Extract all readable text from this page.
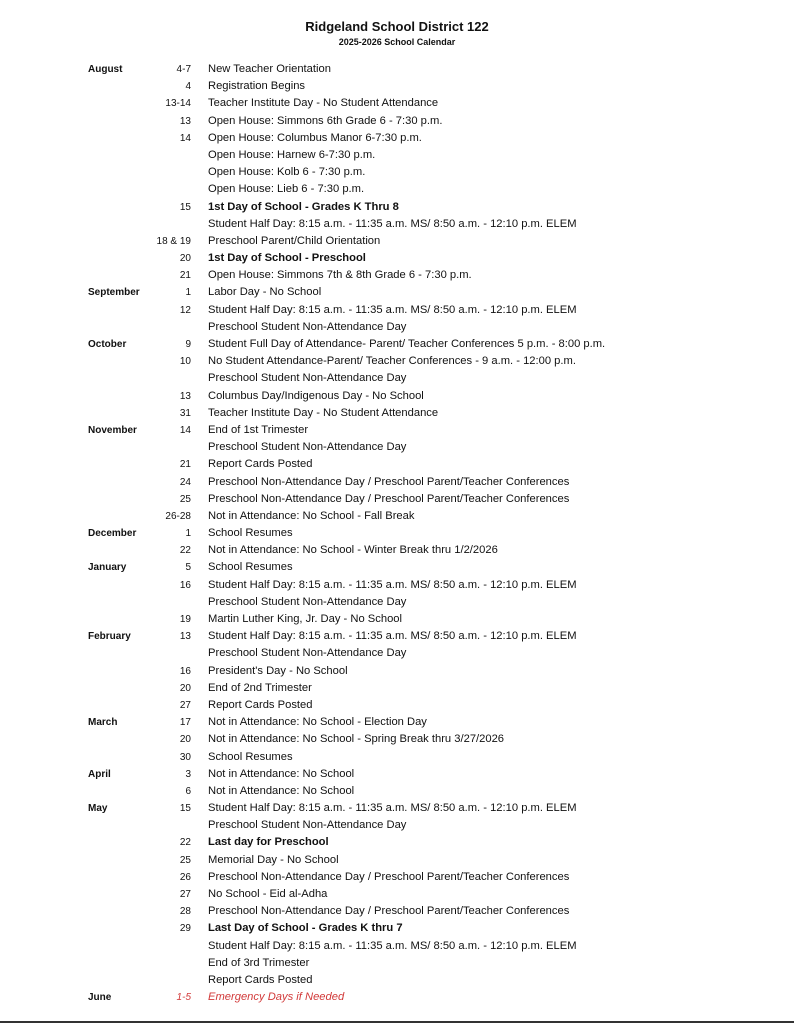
Ridgeland School District 122
2025-2026 School Calendar
August	4-7 New Teacher Orientation
4 Registration Begins
13-14 Teacher Institute Day - No Student Attendance
13 Open House: Simmons 6th Grade 6 - 7:30 p.m.
14 Open House: Columbus Manor 6-7:30 p.m.
Open House: Harnew 6-7:30 p.m.
Open House: Kolb 6 - 7:30 p.m.
Open House: Lieb 6 - 7:30 p.m.
15 1st Day of School - Grades K Thru 8
Student Half Day: 8:15 a.m. - 11:35 a.m. MS/ 8:50 a.m. - 12:10 p.m. ELEM
18 & 19 Preschool Parent/Child Orientation
20 1st Day of School - Preschool
21 Open House: Simmons 7th & 8th Grade 6 - 7:30 p.m.
September	1 Labor Day - No School
12 Student Half Day: 8:15 a.m. - 11:35 a.m. MS/ 8:50 a.m. - 12:10 p.m. ELEM
Preschool Student Non-Attendance Day
October	9 Student Full Day of Attendance- Parent/ Teacher Conferences 5 p.m. - 8:00 p.m.
10 No Student Attendance-Parent/ Teacher Conferences - 9 a.m. - 12:00 p.m.
Preschool Student Non-Attendance Day
13 Columbus Day/Indigenous Day - No School
31 Teacher Institute Day - No Student Attendance
November	14 End of 1st Trimester
Preschool Student Non-Attendance Day
21 Report Cards Posted
24 Preschool Non-Attendance Day / Preschool Parent/Teacher Conferences
25 Preschool Non-Attendance Day / Preschool Parent/Teacher Conferences
26-28 Not in Attendance: No School - Fall Break
December	1 School Resumes
22 Not in Attendance: No School - Winter Break thru 1/2/2026
January	5 School Resumes
16 Student Half Day: 8:15 a.m. - 11:35 a.m. MS/ 8:50 a.m. - 12:10 p.m. ELEM
Preschool Student Non-Attendance Day
19 Martin Luther King, Jr. Day - No School
February	13 Student Half Day: 8:15 a.m. - 11:35 a.m. MS/ 8:50 a.m. - 12:10 p.m. ELEM
Preschool Student Non-Attendance Day
16 President's Day - No School
20 End of 2nd Trimester
27 Report Cards Posted
March	17 Not in Attendance: No School - Election Day
20 Not in Attendance: No School - Spring Break thru 3/27/2026
30 School Resumes
April	3 Not in Attendance: No School
6 Not in Attendance: No School
May	15 Student Half Day: 8:15 a.m. - 11:35 a.m. MS/ 8:50 a.m. - 12:10 p.m. ELEM
Preschool Student Non-Attendance Day
22 Last day for Preschool
25 Memorial Day - No School
26 Preschool Non-Attendance Day / Preschool Parent/Teacher Conferences
27 No School - Eid al-Adha
28 Preschool Non-Attendance Day / Preschool Parent/Teacher Conferences
29 Last Day of School - Grades K thru 7
Student Half Day: 8:15 a.m. - 11:35 a.m. MS/ 8:50 a.m. - 12:10 p.m. ELEM
End of 3rd Trimester
Report Cards Posted
June	1-5 Emergency Days if Needed
